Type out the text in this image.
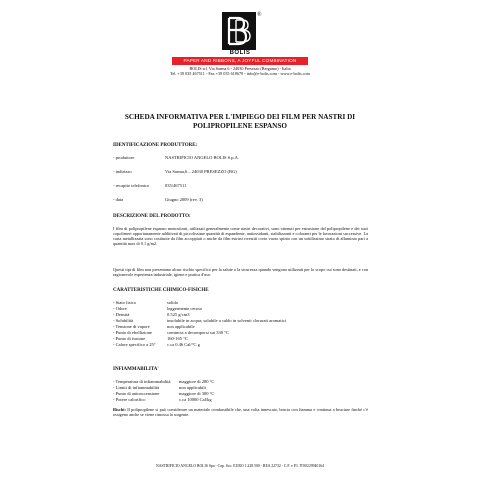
®
BOLIS
PAPER AND RIBBONS, A JOYFUL COMBINATION
BOLIS srl. Via Sarma 6 - 24030 Presezzo (Bergamo) - Italia
Tel. +39 035 467511 - Fax +39 035 618679 - info@e-bolis.com - www.e-bolis.com
SCHEDA INFORMATIVA PER L'IMPIEGO DEI FILM PER NASTRI DI
POLIPROPILENE ESPANSO
IDENTIFICAZIONE PRODUTTORE:
- produttore	NASTRIFICIO ANGELO BOLIS S.p.A.
- indirizzo	Via Sarma,6 – 24030 PRESEZZO (BG)
- recapito telefonico	035/467511
- data	Giugno 2009 (rev. 3)
DESCRIZIONE DEL PRODOTTO:
I film di polipropilene espanso monostirati, utilizzati generalmente come nastri decorativi, sono ottenuti per estrusione del polipropilene e dei suoi copolimeri opportunamente additivati di piccolissime quantità di espandente, antiossidanti, stabilizzanti e coloranti per le lavorazioni successive. La carta metallizzata sono costituite da film accoppiati o anche da film estrusi rivestiti corto vuoto spinto con un sottilissimo strato di alluminio pari a quantità max di 0.1 g/m2.
Questi tipi di film non presentano alcun rischio specifico per la salute o la sicurezza quando vengono utilizzati per lo scopo cui sono destinati, e con ragionevole esperienza industriale, igiene e pratica d'uso.
CARATTERISTICHE CHIMICO-FISICHE
- Stato fisico	solido
- Odore	leggermente ceroso
- Densità	0.525 g/cm3
- Solubilità	insolubile in acqua; solubile a caldo in solventi clorurati aromatici
- Tensione di vapore	non applicabile
- Punto di ebollizione	comincia a decomporsi sui 330 °C
- Punto di fusione	160-165 °C
- Calore specifico a 25°	c.ca 0.46 Cal/°C g
INFIAMMABILITA'
- Temperatura di infiammabilità maggiore di 280 °C
- Limiti di infiammabilità	non applicabili
- Punto di autoaccensione	maggiore di 300 °C
- Potere calorifico	c.ca 10000 Cal/kg
Rischi: Il polipropilene si può considerare un materiale combustibile che, una volta innescato, brucia con fiamma e continua a bruciare finché c'è ossigeno anche se viene rimossa la sorgente.
NASTRIFICIO ANGELO BOLIS Spa - Cap. Soc. EURO 1.228.500 - REA 22732 - C.F. e P.I. IT00229940164
